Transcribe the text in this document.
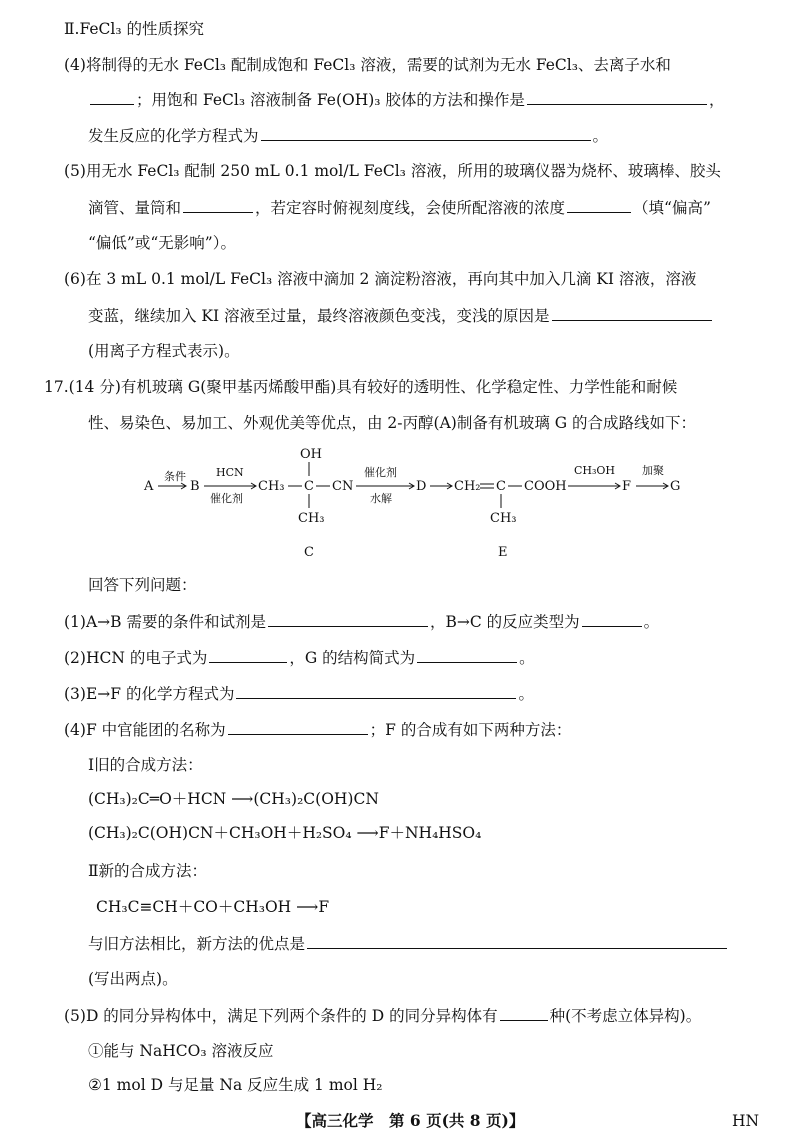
Ⅱ.FeCl₃ 的性质探究
(4)将制得的无水 FeCl₃ 配制成饱和 FeCl₃ 溶液，需要的试剂为无水 FeCl₃、去离子水和
；用饱和 FeCl₃ 溶液制备 Fe(OH)₃ 胶体的方法和操作是	，
发生反应的化学方程式为	。
(5)用无水 FeCl₃ 配制 250 mL 0.1 mol/L FeCl₃ 溶液，所用的玻璃仪器为烧杯、玻璃棒、胶头
滴管、量筒和	，若定容时俯视刻度线，会使所配溶液的浓度	（填“偏高”
“偏低”或“无影响”）。
(6)在 3 mL 0.1 mol/L FeCl₃ 溶液中滴加 2 滴淀粉溶液，再向其中加入几滴 KI 溶液，溶液
变蓝，继续加入 KI 溶液至过量，最终溶液颜色变浅，变浅的原因是
(用离子方程式表示)。
17.(14 分)有机玻璃 G(聚甲基丙烯酸甲酯)具有较好的透明性、化学稳定性、力学性能和耐候
性、易染色、易加工、外观优美等优点，由 2-丙醇(A)制备有机玻璃 G 的合成路线如下：
A
条件
B
HCN
催化剂
CH₃ C CN
OH
CH₃
催化剂
水解
D CH₂ C COOH
CH₃
CH₃OH
F
加聚
G
C	E
回答下列问题：
(1)A→B 需要的条件和试剂是	，B→C 的反应类型为	。
(2)HCN 的电子式为	，G 的结构简式为	。
(3)E→F 的化学方程式为	。
(4)F 中官能团的名称为	；F 的合成有如下两种方法：
Ⅰ旧的合成方法：
(CH₃)₂C═O＋HCN ⟶(CH₃)₂C(OH)CN
(CH₃)₂C(OH)CN＋CH₃OH＋H₂SO₄ ⟶F＋NH₄HSO₄
Ⅱ新的合成方法：
CH₃C≡CH＋CO＋CH₃OH ⟶F
与旧方法相比，新方法的优点是
(写出两点)。
(5)D 的同分异构体中，满足下列两个条件的 D 的同分异构体有	种(不考虑立体异构)。
①能与 NaHCO₃ 溶液反应
②1 mol D 与足量 Na 反应生成 1 mol H₂
【高三化学　第 6 页(共 8 页)】	HN
